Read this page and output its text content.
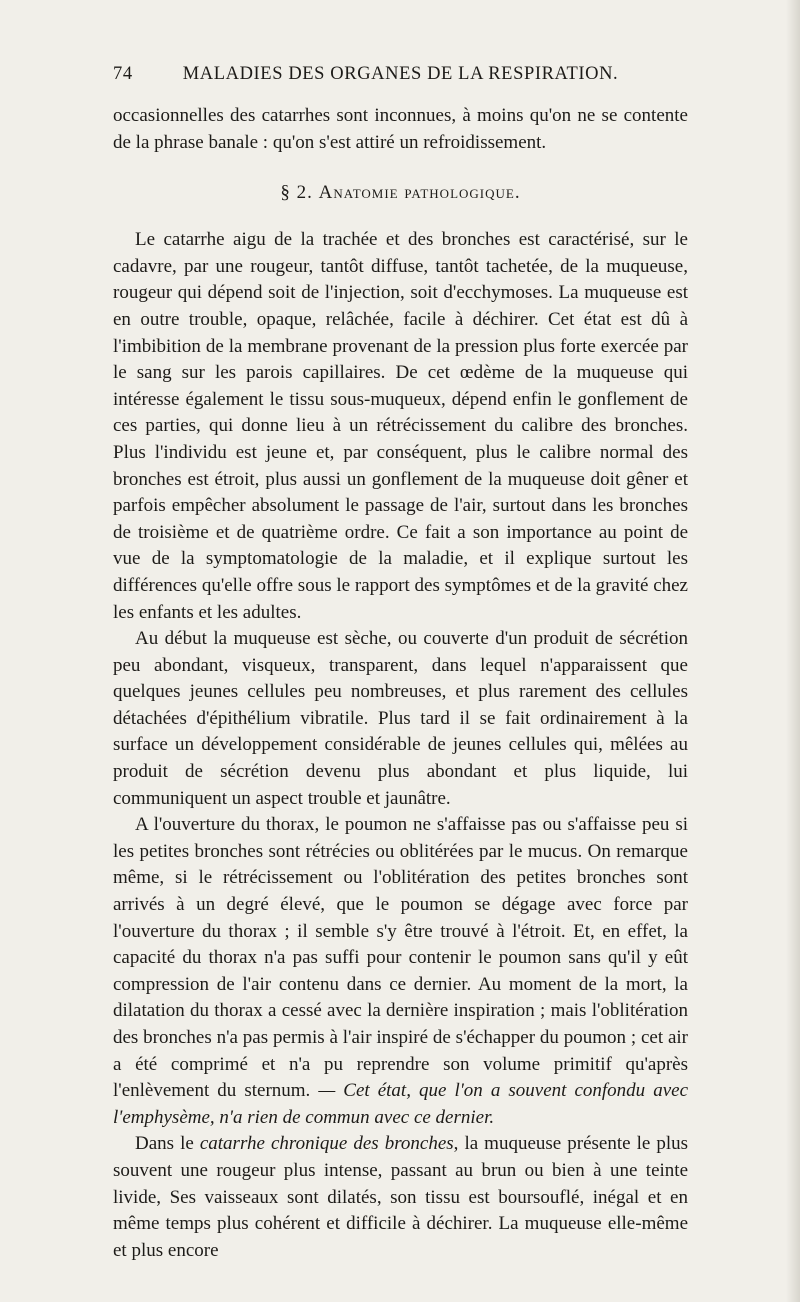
74	MALADIES DES ORGANES DE LA RESPIRATION.

occasionnelles des catarrhes sont inconnues, à moins qu'on ne se contente de la phrase banale : qu'on s'est attiré un refroidissement.

§ 2. Anatomie pathologique.

Le catarrhe aigu de la trachée et des bronches est caractérisé, sur le cadavre, par une rougeur, tantôt diffuse, tantôt tachetée, de la muqueuse, rougeur qui dépend soit de l'injection, soit d'ecchymoses. La muqueuse est en outre trouble, opaque, relâchée, facile à déchirer. Cet état est dû à l'imbibition de la membrane provenant de la pression plus forte exercée par le sang sur les parois capillaires. De cet œdème de la muqueuse qui intéresse également le tissu sous-muqueux, dépend enfin le gonflement de ces parties, qui donne lieu à un rétrécissement du calibre des bronches. Plus l'individu est jeune et, par conséquent, plus le calibre normal des bronches est étroit, plus aussi un gonflement de la muqueuse doit gêner et parfois empêcher absolument le passage de l'air, surtout dans les bronches de troisième et de quatrième ordre. Ce fait a son importance au point de vue de la symptomatologie de la maladie, et il explique surtout les différences qu'elle offre sous le rapport des symptômes et de la gravité chez les enfants et les adultes.

Au début la muqueuse est sèche, ou couverte d'un produit de sécrétion peu abondant, visqueux, transparent, dans lequel n'apparaissent que quelques jeunes cellules peu nombreuses, et plus rarement des cellules détachées d'épithélium vibratile. Plus tard il se fait ordinairement à la surface un développement considérable de jeunes cellules qui, mêlées au produit de sécrétion devenu plus abondant et plus liquide, lui communiquent un aspect trouble et jaunâtre.

A l'ouverture du thorax, le poumon ne s'affaisse pas ou s'affaisse peu si les petites bronches sont rétrécies ou oblitérées par le mucus. On remarque même, si le rétrécissement ou l'oblitération des petites bronches sont arrivés à un degré élevé, que le poumon se dégage avec force par l'ouverture du thorax ; il semble s'y être trouvé à l'étroit. Et, en effet, la capacité du thorax n'a pas suffi pour contenir le poumon sans qu'il y eût compression de l'air contenu dans ce dernier. Au moment de la mort, la dilatation du thorax a cessé avec la dernière inspiration ; mais l'oblitération des bronches n'a pas permis à l'air inspiré de s'échapper du poumon ; cet air a été comprimé et n'a pu reprendre son volume primitif qu'après l'enlèvement du sternum. — Cet état, que l'on a souvent confondu avec l'emphysème, n'a rien de commun avec ce dernier.

Dans le catarrhe chronique des bronches, la muqueuse présente le plus souvent une rougeur plus intense, passant au brun ou bien à une teinte livide, Ses vaisseaux sont dilatés, son tissu est boursouflé, inégal et en même temps plus cohérent et difficile à déchirer. La muqueuse elle-même et plus encore
